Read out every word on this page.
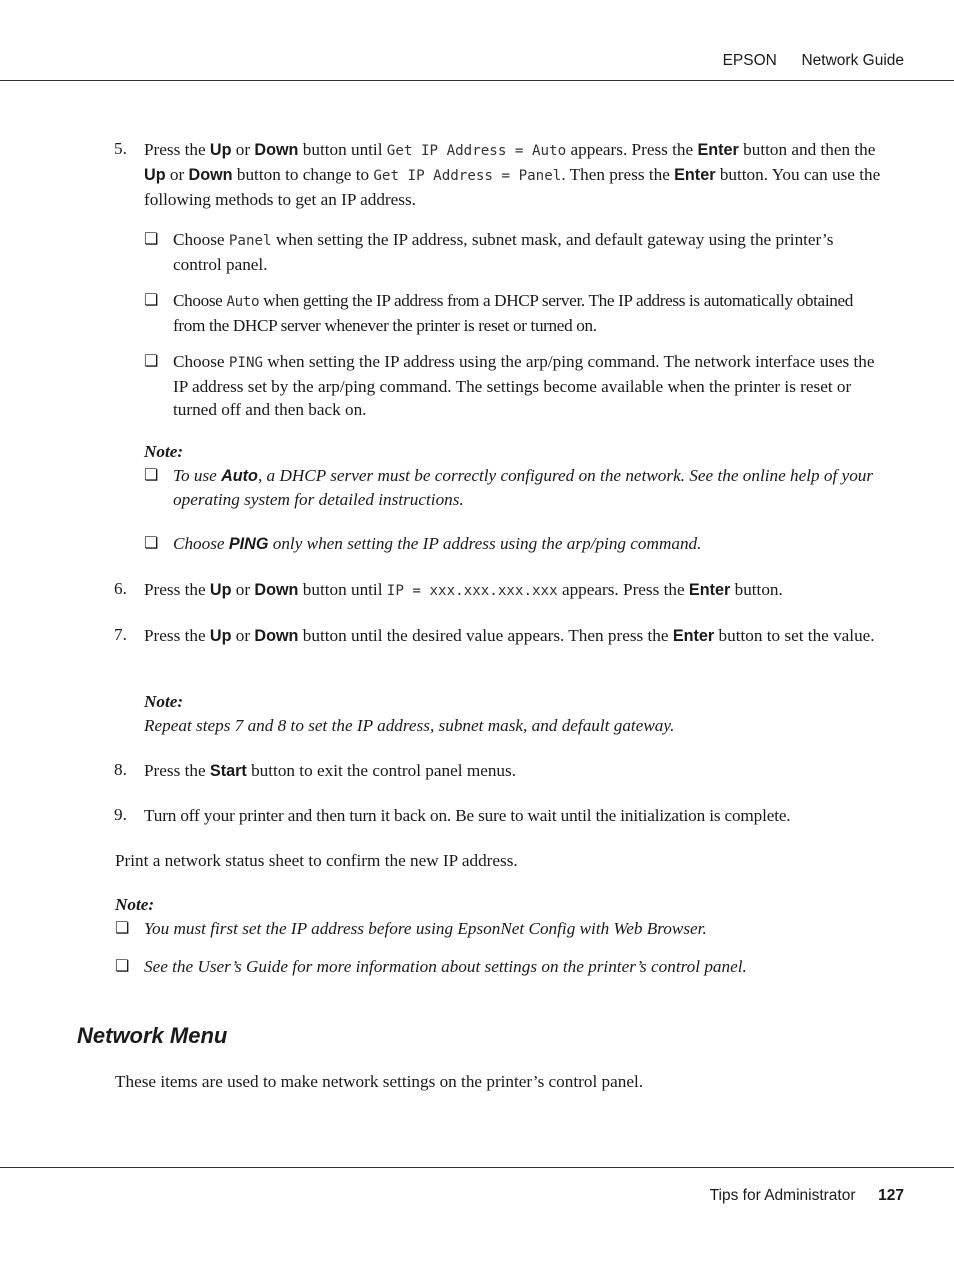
EPSON Network Guide
5. Press the Up or Down button until Get IP Address = Auto appears. Press the Enter button and then the Up or Down button to change to Get IP Address = Panel. Then press the Enter button. You can use the following methods to get an IP address.
❏ Choose Panel when setting the IP address, subnet mask, and default gateway using the printer’s control panel.
❏ Choose Auto when getting the IP address from a DHCP server. The IP address is automatically obtained from the DHCP server whenever the printer is reset or turned on.
❏ Choose PING when setting the IP address using the arp/ping command. The network interface uses the IP address set by the arp/ping command. The settings become available when the printer is reset or turned off and then back on.
Note:
❏ To use Auto, a DHCP server must be correctly configured on the network. See the online help of your operating system for detailed instructions.
❏ Choose PING only when setting the IP address using the arp/ping command.
6. Press the Up or Down button until IP = xxx.xxx.xxx.xxx appears. Press the Enter button.
7. Press the Up or Down button until the desired value appears. Then press the Enter button to set the value.
Note:
Repeat steps 7 and 8 to set the IP address, subnet mask, and default gateway.
8. Press the Start button to exit the control panel menus.
9. Turn off your printer and then turn it back on. Be sure to wait until the initialization is complete.
Print a network status sheet to confirm the new IP address.
Note:
❏ You must first set the IP address before using EpsonNet Config with Web Browser.
❏ See the User’s Guide for more information about settings on the printer’s control panel.
Network Menu
These items are used to make network settings on the printer’s control panel.
Tips for Administrator 127
